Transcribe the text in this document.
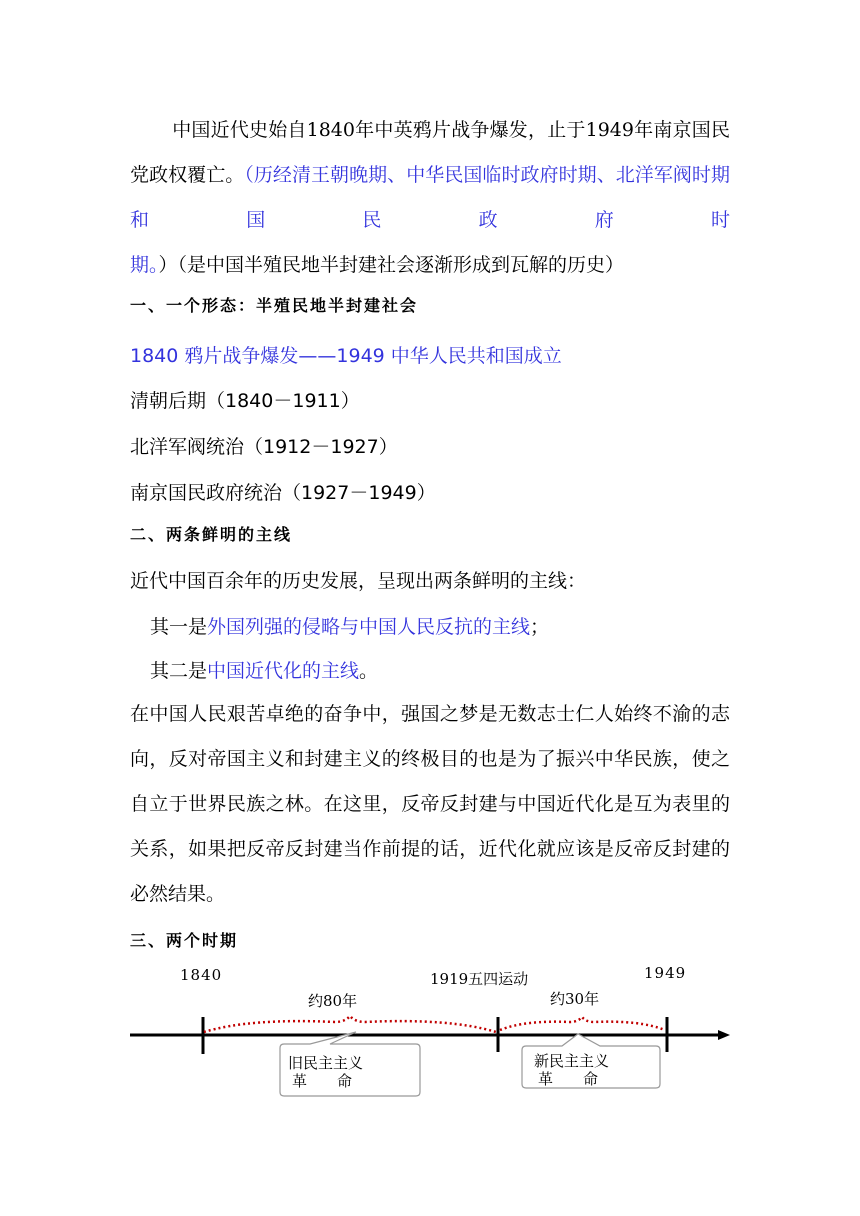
中国近代史始自1840年中英鸦片战争爆发，止于1949年南京国民党政权覆亡。（历经清王朝晚期、中华民国临时政府时期、北洋军阀时期和国民政府时期。）（是中国半殖民地半封建社会逐渐形成到瓦解的历史）
一、一个形态：半殖民地半封建社会
1840 鸦片战争爆发——1949 中华人民共和国成立
清朝后期（1840－1911）
北洋军阀统治（1912－1927）
南京国民政府统治（1927－1949）
二、两条鲜明的主线
近代中国百余年的历史发展，呈现出两条鲜明的主线：
其一是外国列强的侵略与中国人民反抗的主线；
其二是中国近代化的主线。
在中国人民艰苦卓绝的奋争中，强国之梦是无数志士仁人始终不渝的志向，反对帝国主义和封建主义的终极目的也是为了振兴中华民族，使之自立于世界民族之林。在这里，反帝反封建与中国近代化是互为表里的关系，如果把反帝反封建当作前提的话，近代化就应该是反帝反封建的必然结果。
三、两个时期
1840	1919五四运动	1949
约80年	约30年
旧民主主义
革　　命
新民主主义
革　　命
